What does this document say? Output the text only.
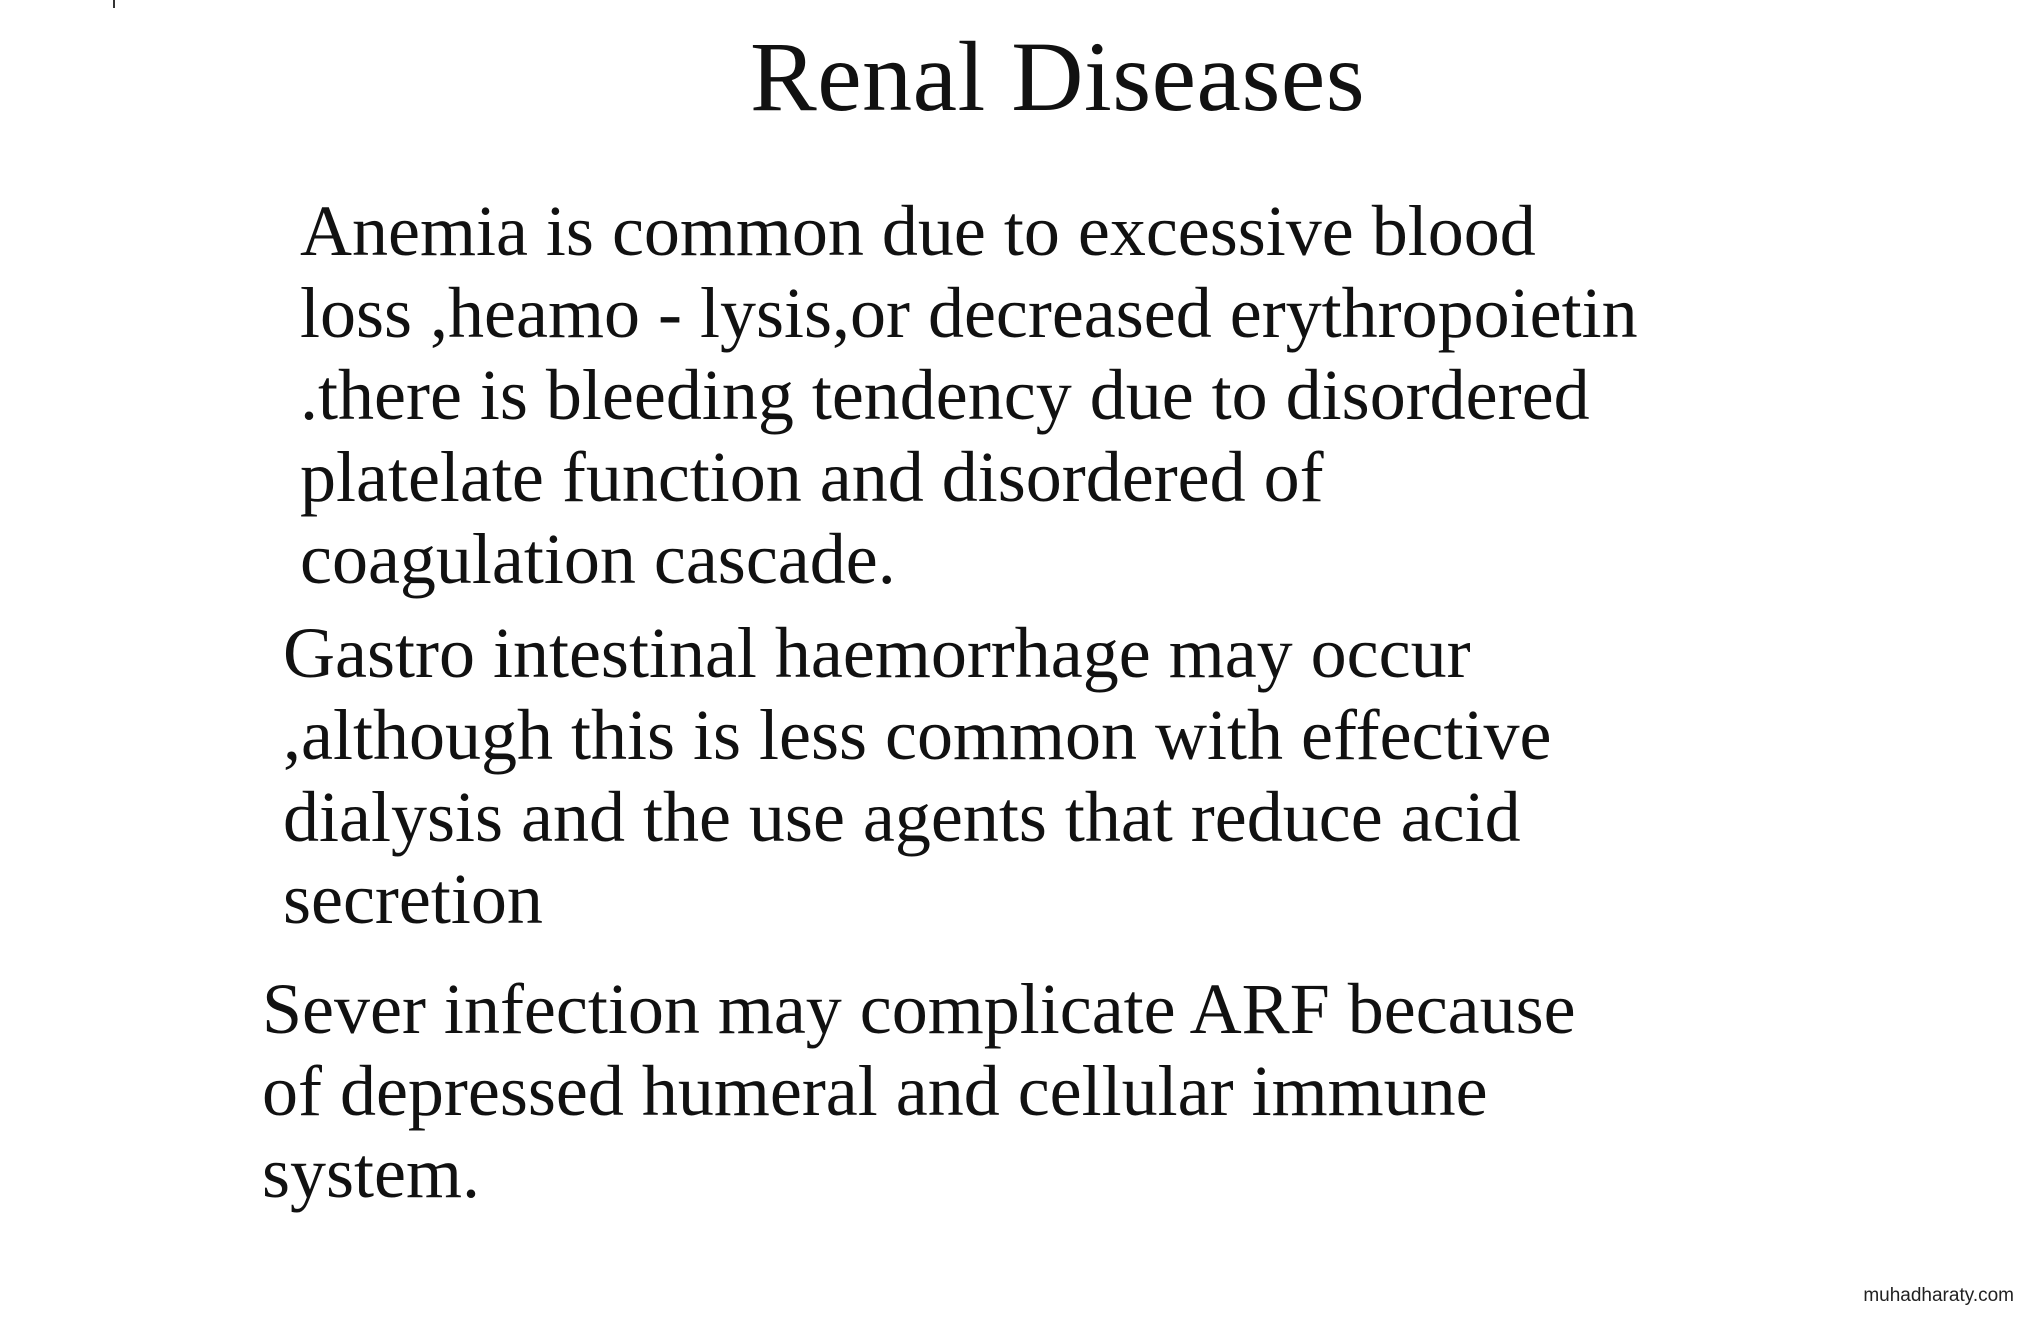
Renal Diseases
Anemia is common due to excessive blood
loss ,heamo - lysis,or decreased erythropoietin
.there is bleeding tendency due to disordered
platelate function and disordered of
coagulation cascade.
Gastro intestinal haemorrhage may occur
,although this is less common with effective
dialysis and the use agents that reduce acid
secretion
Sever infection may complicate ARF because
of depressed humeral and cellular immune
system.
muhadharaty.com
